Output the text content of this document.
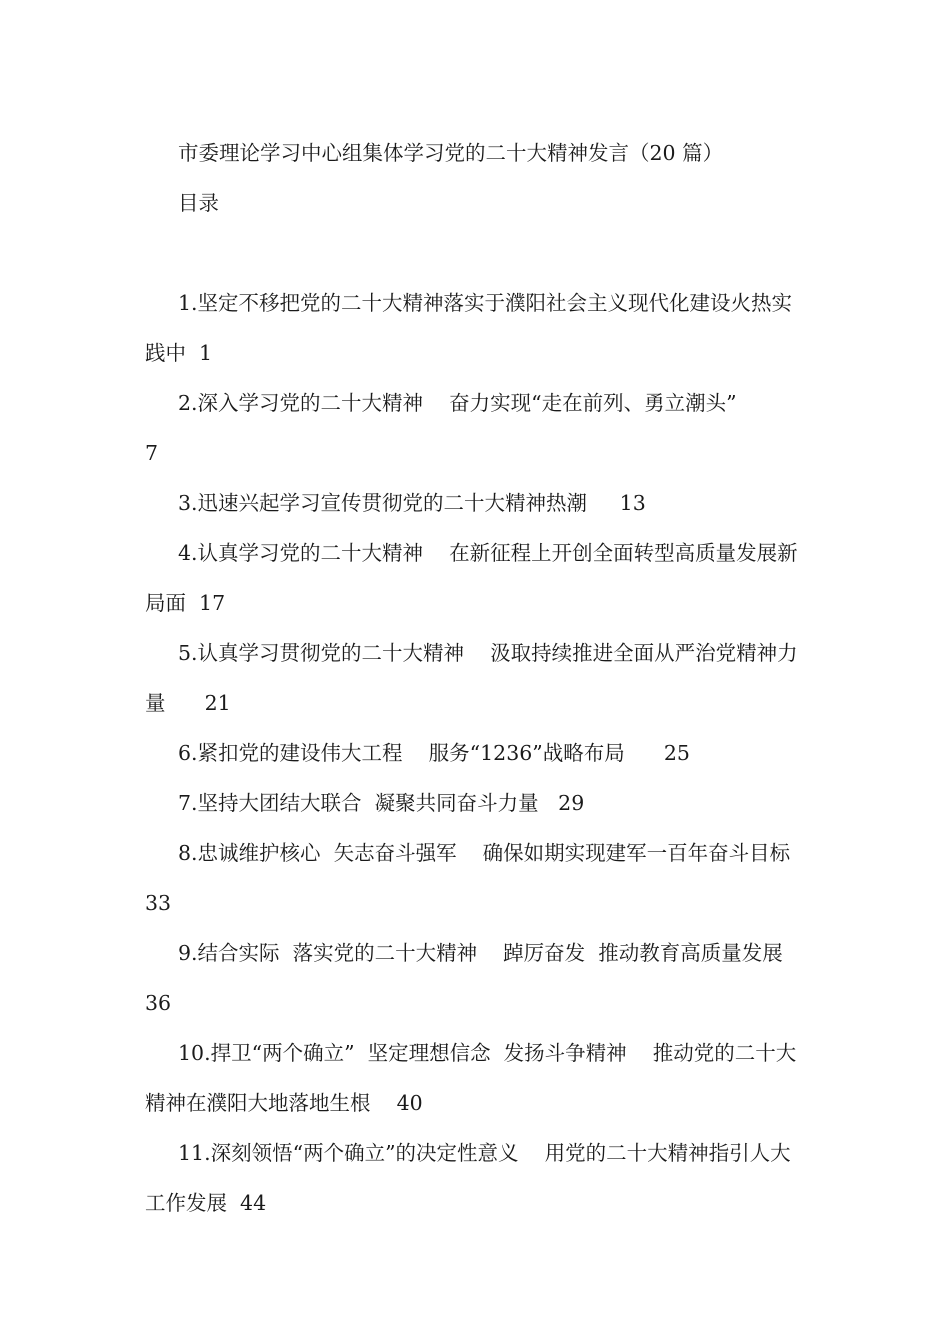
市委理论学习中心组集体学习党的二十大精神发言（20 篇）

目录

1.坚定不移把党的二十大精神落实于濮阳社会主义现代化建设火热实践中 1

2.深入学习党的二十大精神    奋力实现“走在前列、勇立潮头”
7

3.迅速兴起学习宣传贯彻党的二十大精神热潮 13

4.认真学习党的二十大精神    在新征程上开创全面转型高质量发展新局面 17

5.认真学习贯彻党的二十大精神    汲取持续推进全面从严治党精神力量 21

6.紧扣党的建设伟大工程    服务“1236”战略布局 25

7.坚持大团结大联合  凝聚共同奋斗力量 29

8.忠诚维护核心  矢志奋斗强军    确保如期实现建军一百年奋斗目标    33

9.结合实际  落实党的二十大精神    踔厉奋发  推动教育高质量发展  36

10.捍卫“两个确立”  坚定理想信念  发扬斗争精神    推动党的二十大精神在濮阳大地落地生根 40

11.深刻领悟“两个确立”的决定性意义    用党的二十大精神指引人大工作发展 44
